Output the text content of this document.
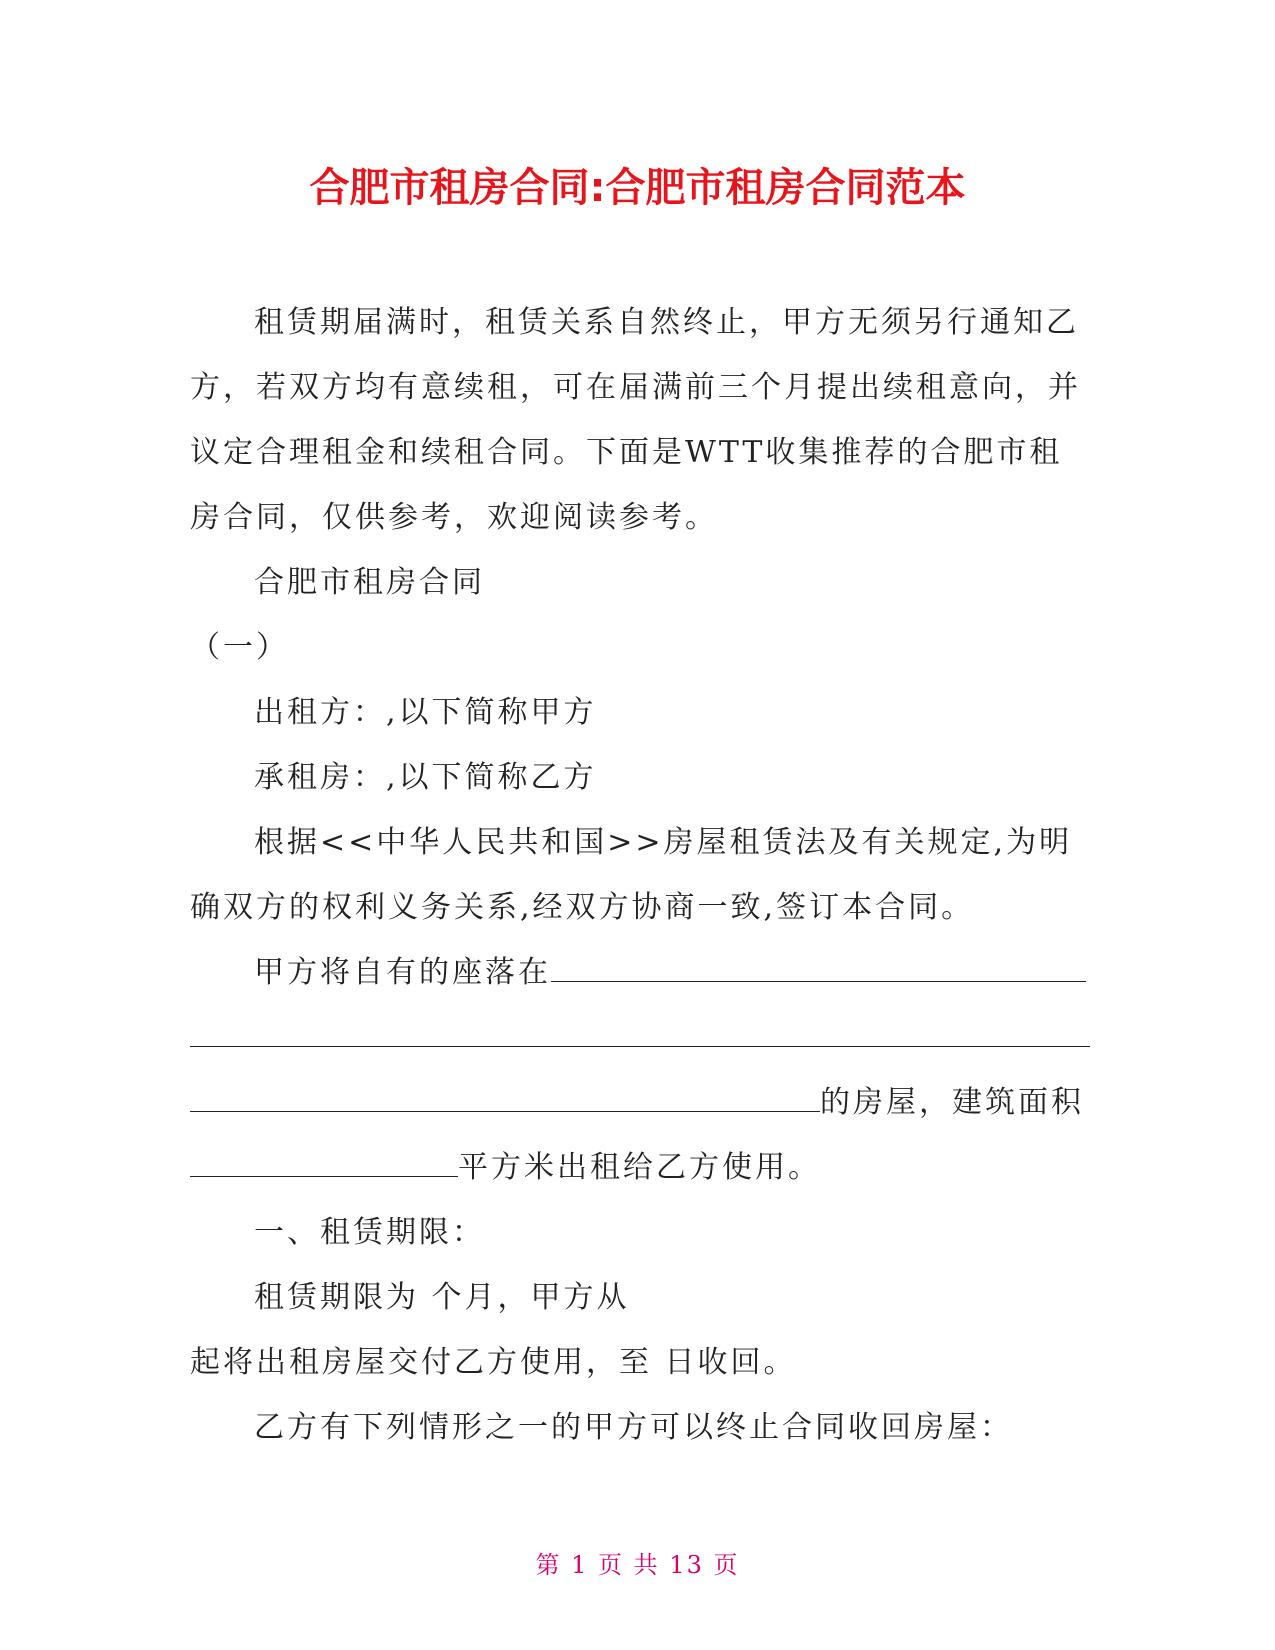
合肥市租房合同:合肥市租房合同范本

租赁期届满时，租赁关系自然终止，甲方无须另行通知乙方，若双方均有意续租，可在届满前三个月提出续租意向，并议定合理租金和续租合同。下面是WTT收集推荐的合肥市租房合同，仅供参考，欢迎阅读参考。

合肥市租房合同

（一）

出租方：,以下简称甲方

承租房：,以下简称乙方

根据<<中华人民共和国>>房屋租赁法及有关规定,为明确双方的权利义务关系,经双方协商一致,签订本合同。

甲方将自有的座落在

的房屋，建筑面积

平方米出租给乙方使用。

一、租赁期限：

租赁期限为 个月，甲方从

起将出租房屋交付乙方使用，至 日收回。

乙方有下列情形之一的甲方可以终止合同收回房屋：

第 1 页 共 13 页
